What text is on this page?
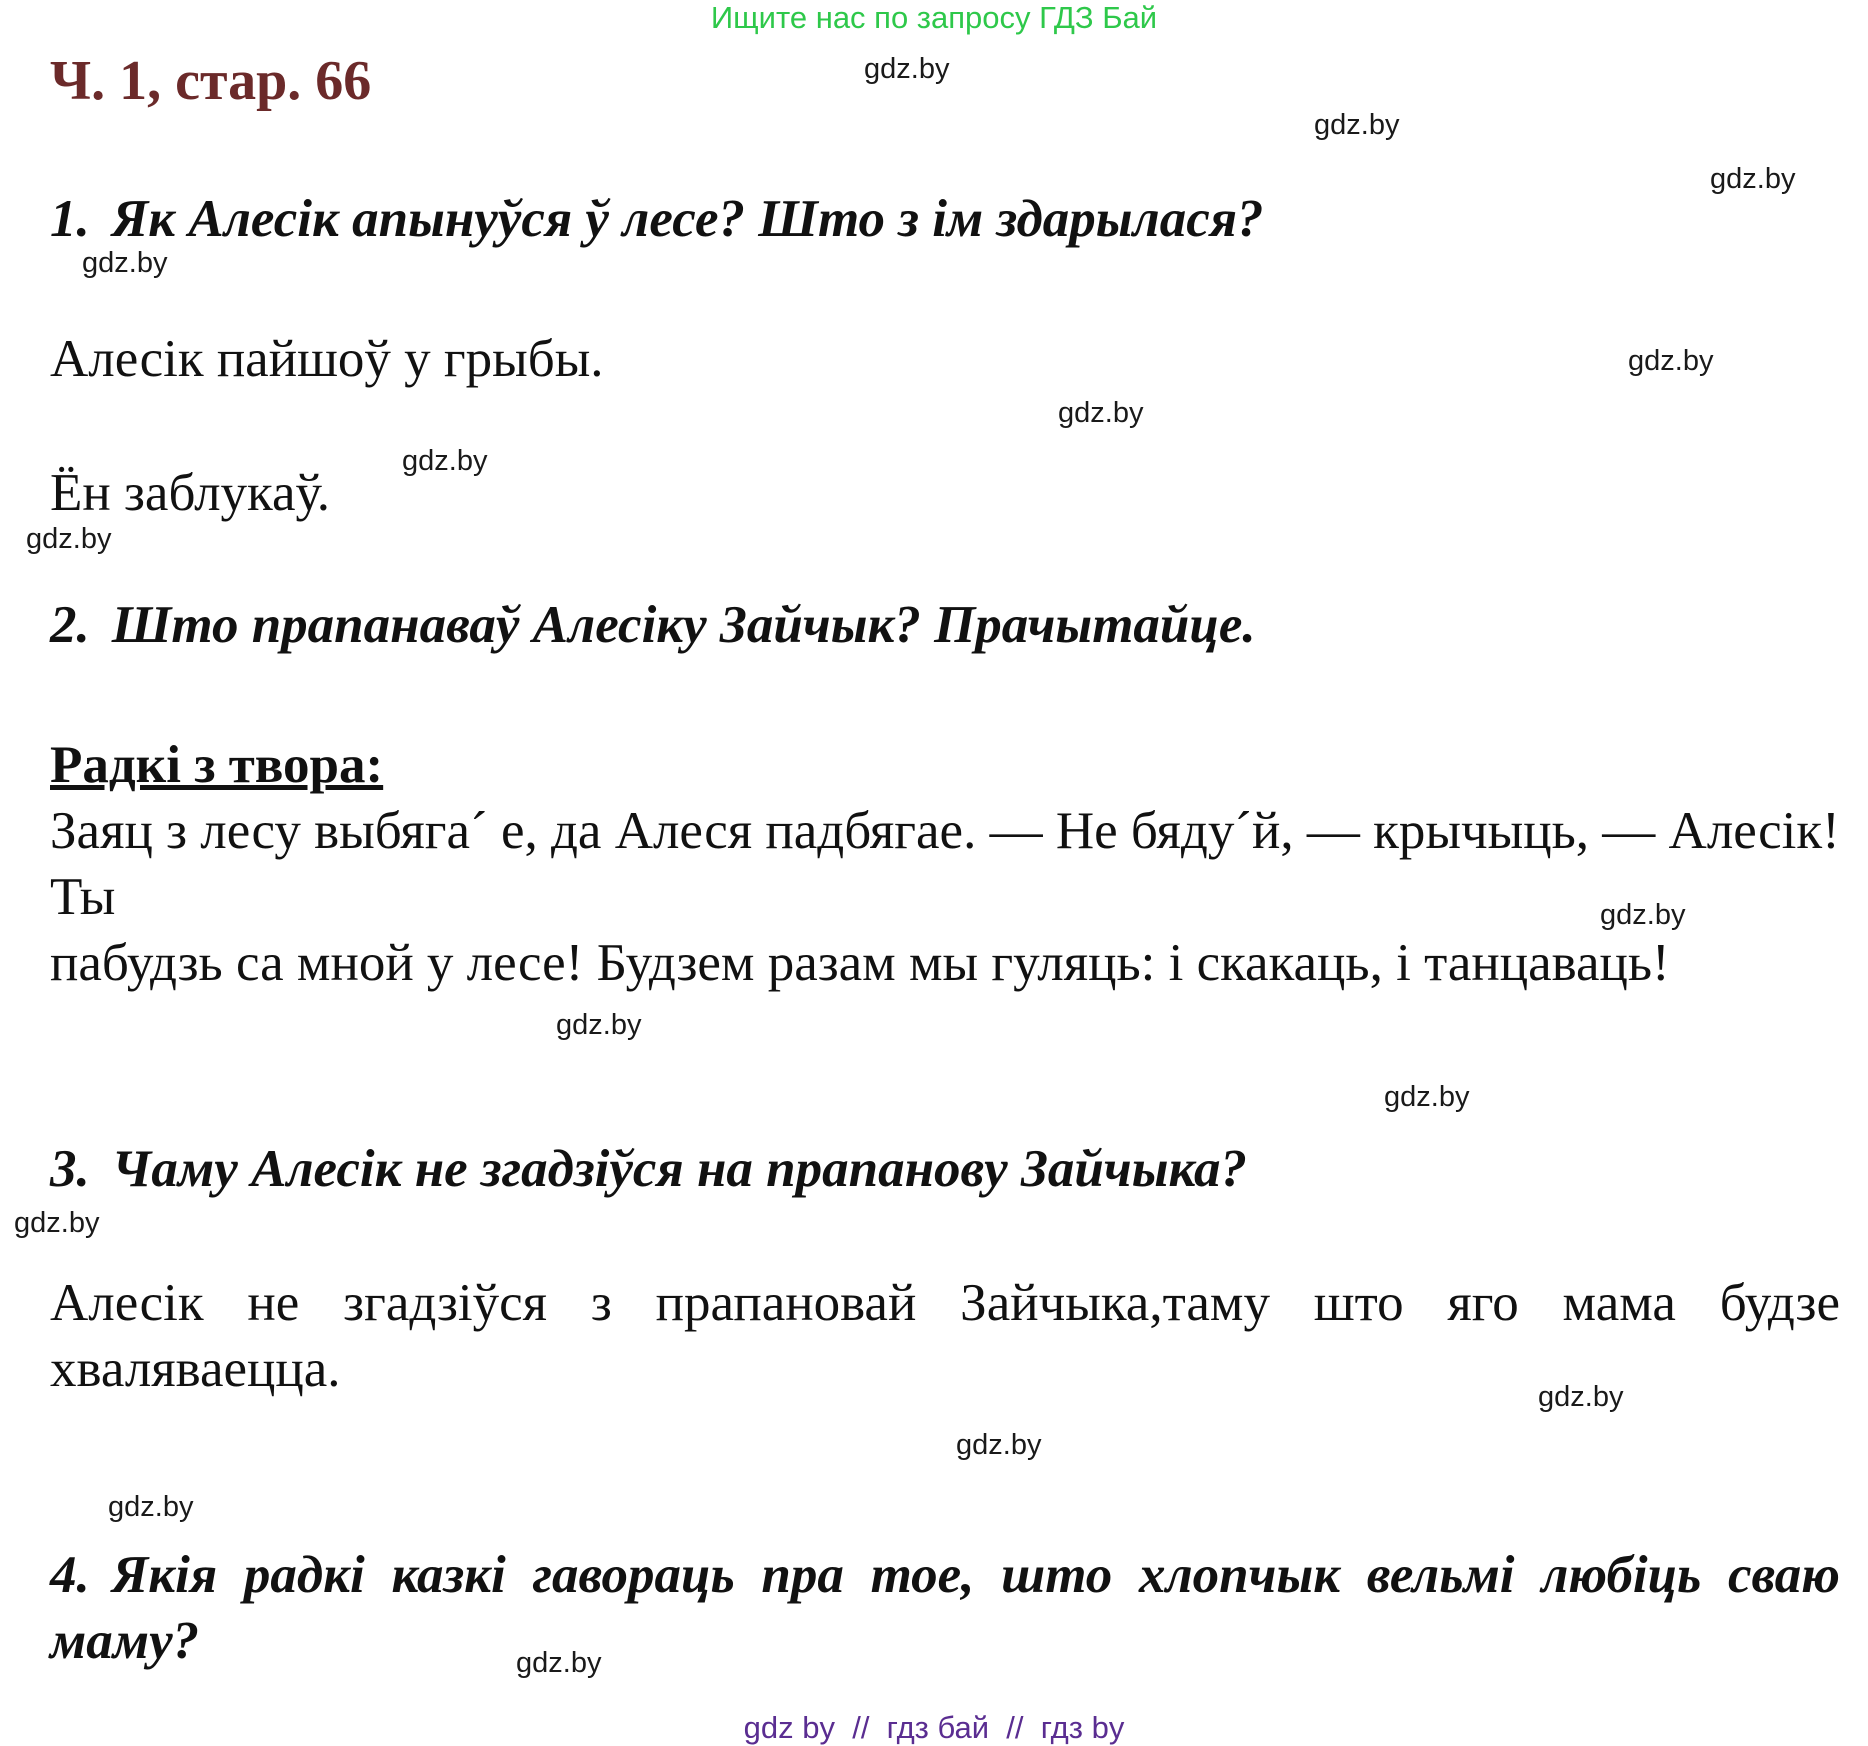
Ищите нас по запросу ГДЗ Бай
Ч. 1, стар. 66

1. Як Алесік апынуўся ў лесе? Што з ім здарылася?

Алесік пайшоў у грыбы.

Ён заблукаў.

2. Што прапанаваў Алесіку Зайчык? Прачытайце.

Радкі з твора:

Заяц з лесу выбяга´ е, да Алеся падбягае. — Не бяду´й, — крычыць, — Алесік! Ты

пабудзь са мной у лесе! Будзем разам мы гуляць: і скакаць, і танцаваць!

3. Чаму Алесік не згадзіўся на прапанову Зайчыка?

Алесік не згадзіўся з прапановай Зайчыка,таму што яго мама будзе хваляваецца.

4. Якія радкі казкі гавораць пра тое, што хлопчык вельмі любіць сваю маму?

gdz.by
gdz.by
gdz.by
gdz.by
gdz.by
gdz.by
gdz.by
gdz.by
gdz.by
gdz.by
gdz.by
gdz.by
gdz.by
gdz.by
gdz.by
gdz.by
gdz by  //  гдз бай  //  гдз by
